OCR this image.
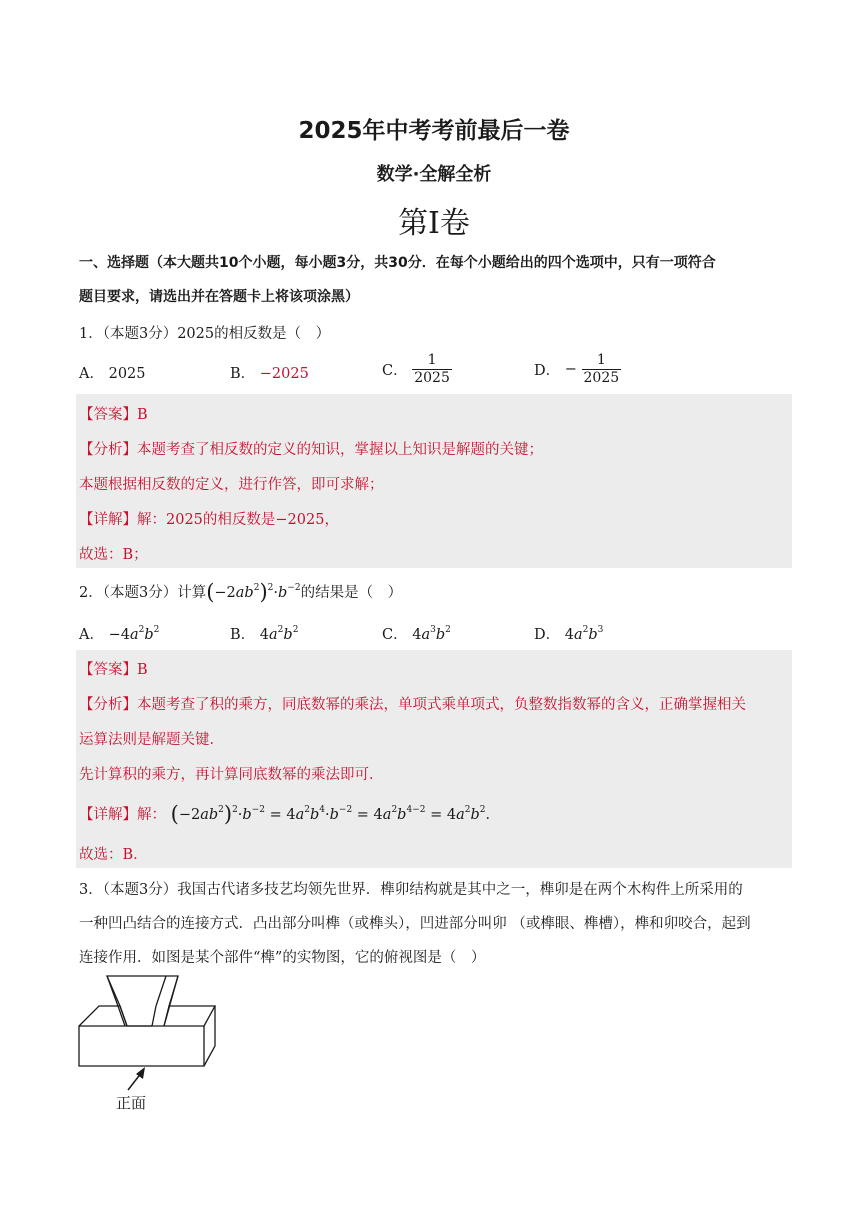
2025年中考考前最后一卷
数学·全解全析
第I卷
一、选择题（本大题共10个小题，每小题3分，共30分．在每个小题给出的四个选项中，只有一项符合
题目要求，请选出并在答题卡上将该项涂黑）
1．（本题3分）2025的相反数是（　）
A． 2025	B． −2025	C． $\frac{1}{2025}$	D． − $\frac{1}{2025}$
【答案】B
【分析】本题考查了相反数的定义的知识，掌握以上知识是解题的关键；
本题根据相反数的定义，进行作答，即可求解；
【详解】解：2025的相反数是−2025，
故选：B；
2．（本题3分）计算$(-2ab^2)^2\cdot b^{-2}$的结果是（　）
A． $-4a^2b^2$	B． $4a^2b^2$	C． $4a^3b^2$	D． $4a^2b^3$
【答案】B
【分析】本题考查了积的乘方，同底数幂的乘法，单项式乘单项式，负整数指数幂的含义，正确掌握相关
运算法则是解题关键．
先计算积的乘方，再计算同底数幂的乘法即可．
【详解】解： $(-2ab^2)^2\cdot b^{-2} = 4a^2b^4\cdot b^{-2} = 4a^2b^{4-2} = 4a^2b^2$．
故选：B．
3．（本题3分）我国古代诸多技艺均领先世界．榫卯结构就是其中之一，榫卯是在两个木构件上所采用的
一种凹凸结合的连接方式．凸出部分叫榫（或榫头），凹进部分叫卯 （或榫眼、榫槽），榫和卯咬合，起到
连接作用．如图是某个部件“榫”的实物图，它的俯视图是（　）
正面
